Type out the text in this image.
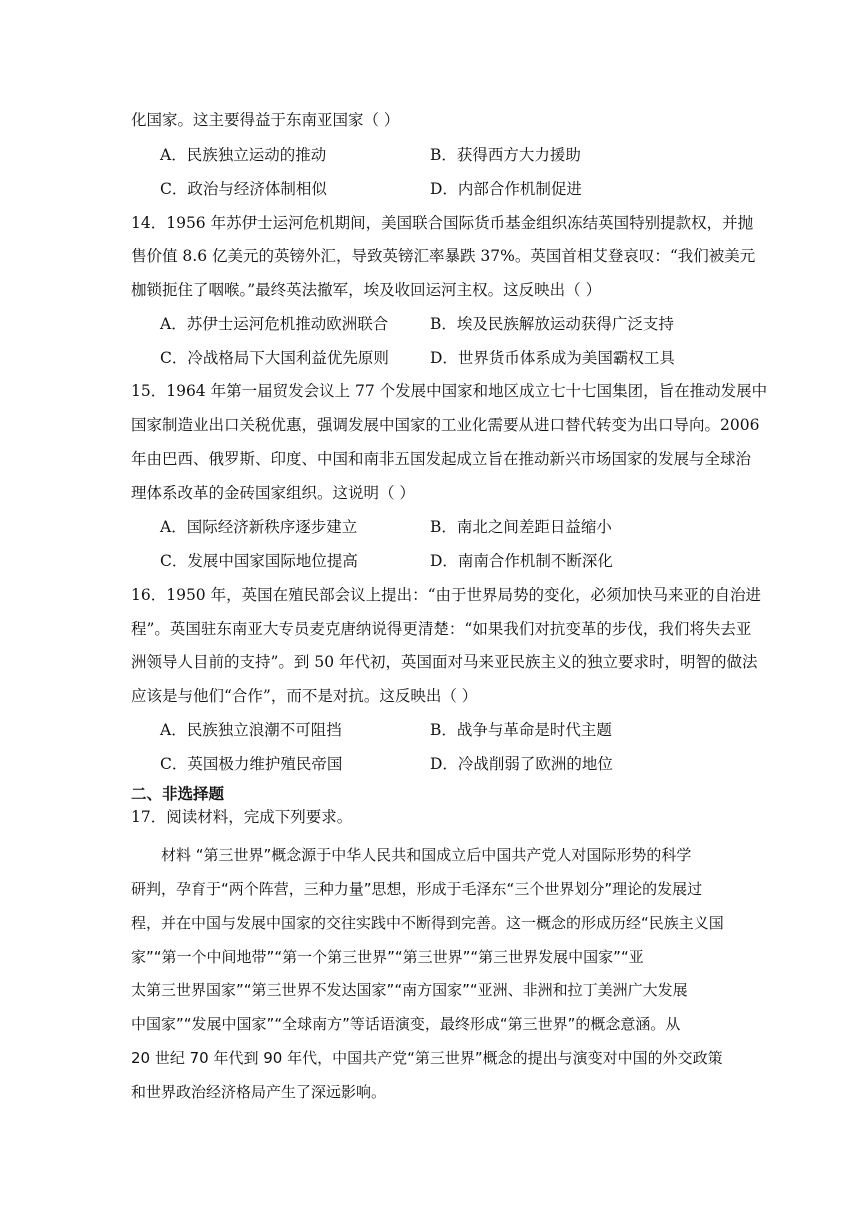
化国家。这主要得益于东南亚国家（ ）
A．民族独立运动的推动	B．获得西方大力援助
C．政治与经济体制相似	D．内部合作机制促进
14．1956 年苏伊士运河危机期间，美国联合国际货币基金组织冻结英国特别提款权，并抛
售价值 8.6 亿美元的英镑外汇，导致英镑汇率暴跌 37%。英国首相艾登哀叹：“我们被美元
枷锁扼住了咽喉。”最终英法撤军，埃及收回运河主权。这反映出（ ）
A．苏伊士运河危机推动欧洲联合	B．埃及民族解放运动获得广泛支持
C．冷战格局下大国利益优先原则	D．世界货币体系成为美国霸权工具
15．1964 年第一届贸发会议上 77 个发展中国家和地区成立七十七国集团，旨在推动发展中
国家制造业出口关税优惠，强调发展中国家的工业化需要从进口替代转变为出口导向。2006
年由巴西、俄罗斯、印度、中国和南非五国发起成立旨在推动新兴市场国家的发展与全球治
理体系改革的金砖国家组织。这说明（ ）
A．国际经济新秩序逐步建立	B．南北之间差距日益缩小
C．发展中国家国际地位提高	D．南南合作机制不断深化
16．1950 年，英国在殖民部会议上提出：“由于世界局势的变化，必须加快马来亚的自治进
程”。英国驻东南亚大专员麦克唐纳说得更清楚：“如果我们对抗变革的步伐，我们将失去亚
洲领导人目前的支持”。到 50 年代初，英国面对马来亚民族主义的独立要求时，明智的做法
应该是与他们“合作”，而不是对抗。这反映出（ ）
A．民族独立浪潮不可阻挡	B．战争与革命是时代主题
C．英国极力维护殖民帝国	D．冷战削弱了欧洲的地位
二、非选择题
17．阅读材料，完成下列要求。
　　材料 “第三世界”概念源于中华人民共和国成立后中国共产党人对国际形势的科学
研判，孕育于“两个阵营，三种力量”思想，形成于毛泽东“三个世界划分”理论的发展过
程，并在中国与发展中国家的交往实践中不断得到完善。这一概念的形成历经“民族主义国
家”“第一个中间地带”“第一个第三世界”“第三世界”“第三世界发展中国家”“亚
太第三世界国家”“第三世界不发达国家”“南方国家”“亚洲、非洲和拉丁美洲广大发展
中国家”“发展中国家”“全球南方”等话语演变，最终形成“第三世界”的概念意涵。从
20 世纪 70 年代到 90 年代，中国共产党“第三世界”概念的提出与演变对中国的外交政策
和世界政治经济格局产生了深远影响。
